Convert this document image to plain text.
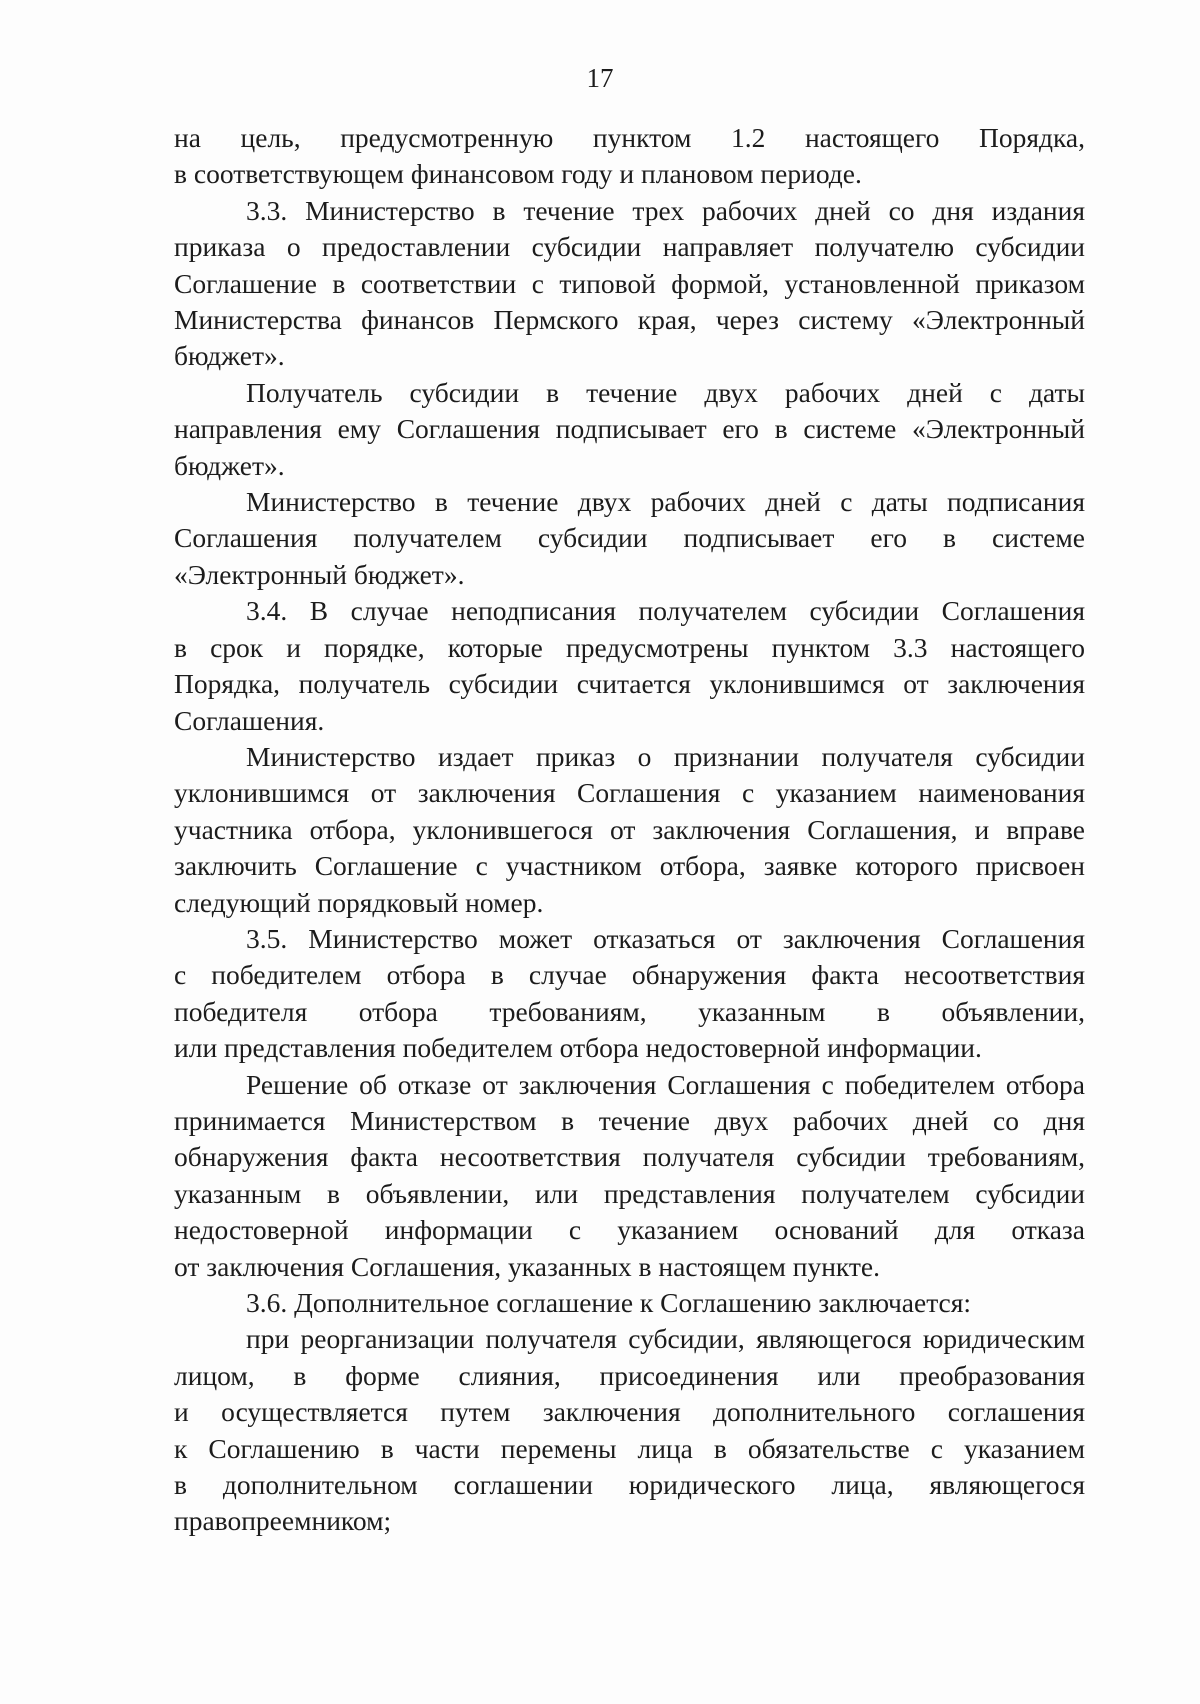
17
на цель, предусмотренную пунктом 1.2 настоящего Порядка,
в соответствующем финансовом году и плановом периоде.
3.3. Министерство в течение трех рабочих дней со дня издания
приказа о предоставлении субсидии направляет получателю субсидии
Соглашение в соответствии с типовой формой, установленной приказом
Министерства финансов Пермского края, через систему «Электронный
бюджет».
Получатель субсидии в течение двух рабочих дней с даты
направления ему Соглашения подписывает его в системе «Электронный
бюджет».
Министерство в течение двух рабочих дней с даты подписания
Соглашения получателем субсидии подписывает его в системе
«Электронный бюджет».
3.4. В случае неподписания получателем субсидии Соглашения
в срок и порядке, которые предусмотрены пунктом 3.3 настоящего
Порядка, получатель субсидии считается уклонившимся от заключения
Соглашения.
Министерство издает приказ о признании получателя субсидии
уклонившимся от заключения Соглашения с указанием наименования
участника отбора, уклонившегося от заключения Соглашения, и вправе
заключить Соглашение с участником отбора, заявке которого присвоен
следующий порядковый номер.
3.5. Министерство может отказаться от заключения Соглашения
с победителем отбора в случае обнаружения факта несоответствия
победителя отбора требованиям, указанным в объявлении,
или представления победителем отбора недостоверной информации.
Решение об отказе от заключения Соглашения с победителем отбора
принимается Министерством в течение двух рабочих дней со дня
обнаружения факта несоответствия получателя субсидии требованиям,
указанным в объявлении, или представления получателем субсидии
недостоверной информации с указанием оснований для отказа
от заключения Соглашения, указанных в настоящем пункте.
3.6. Дополнительное соглашение к Соглашению заключается:
при реорганизации получателя субсидии, являющегося юридическим
лицом, в форме слияния, присоединения или преобразования
и осуществляется путем заключения дополнительного соглашения
к Соглашению в части перемены лица в обязательстве с указанием
в дополнительном соглашении юридического лица, являющегося
правопреемником;
